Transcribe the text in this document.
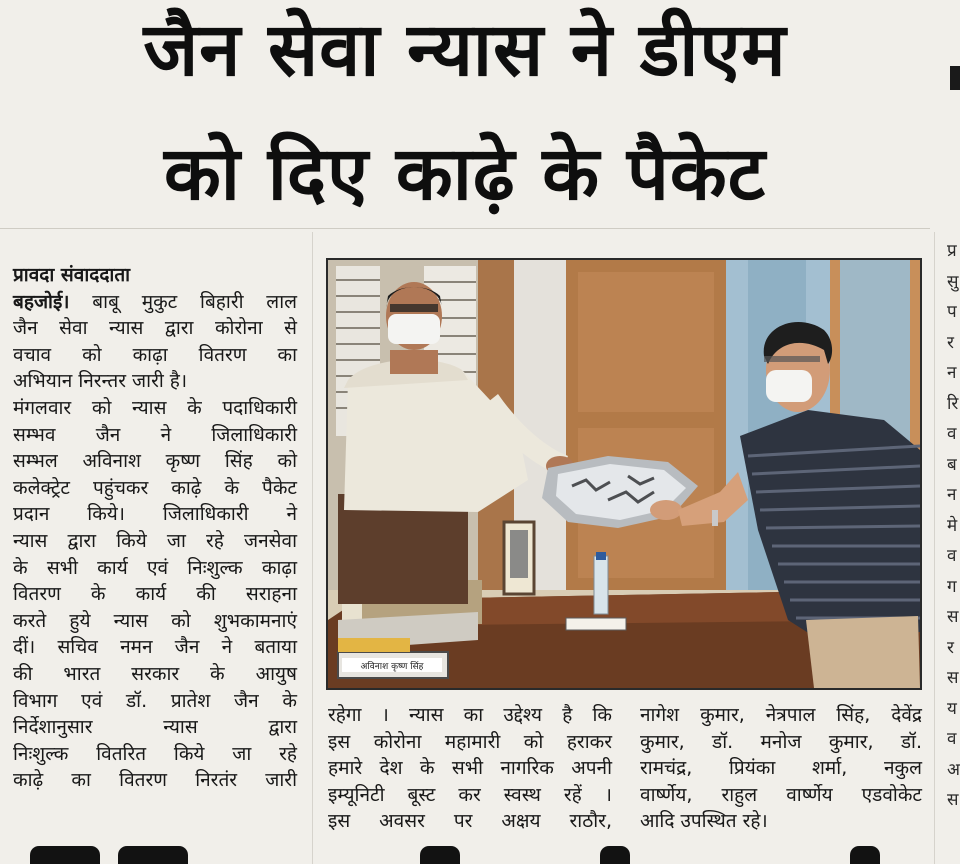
जैन सेवा न्यास ने डीएम
को दिए काढ़े के पैकेट
प्रावदा संवाददाता
बहजोई। बाबू मुकुट बिहारी लाल
जैन सेवा न्यास द्वारा कोरोना से
वचाव को काढ़ा वितरण का
अभियान निरन्तर जारी है।
मंगलवार को न्यास के पदाधिकारी
सम्भव जैन ने जिलाधिकारी
सम्भल अविनाश कृष्ण सिंह को
कलेक्ट्रेट पहुंचकर काढ़े के पैकेट
प्रदान किये। जिलाधिकारी ने
न्यास द्वारा किये जा रहे जनसेवा
के सभी कार्य एवं निःशुल्क काढ़ा
वितरण के कार्य की सराहना
करते हुये न्यास को शुभकामनाएं
दीं। सचिव नमन जैन ने बताया
की भारत सरकार के आयुष
विभाग एवं डॉ. प्रातेश जैन के
निर्देशानुसार न्यास द्वारा
निःशुल्क वितरित किये जा रहे
काढ़े का वितरण निरतंर जारी
अविनाश कृष्ण सिंह
रहेगा । न्यास का उद्देश्य है कि
इस कोरोना महामारी को हराकर
हमारे देश के सभी नागरिक अपनी
इम्यूनिटी बूस्ट कर स्वस्थ रहें ।
इस अवसर पर अक्षय राठौर,
नागेश कुमार, नेत्रपाल सिंह, देवेंद्र
कुमार, डॉ. मनोज कुमार, डॉ.
रामचंद्र, प्रियंका शर्मा, नकुल
वार्ष्णेय, राहुल वार्ष्णेय एडवोकेट
आदि उपस्थित रहे।
प्र
सु
प
र
न
रि
व
ब
न
मे
व
ग
स
र
स
य
व
अ
स
